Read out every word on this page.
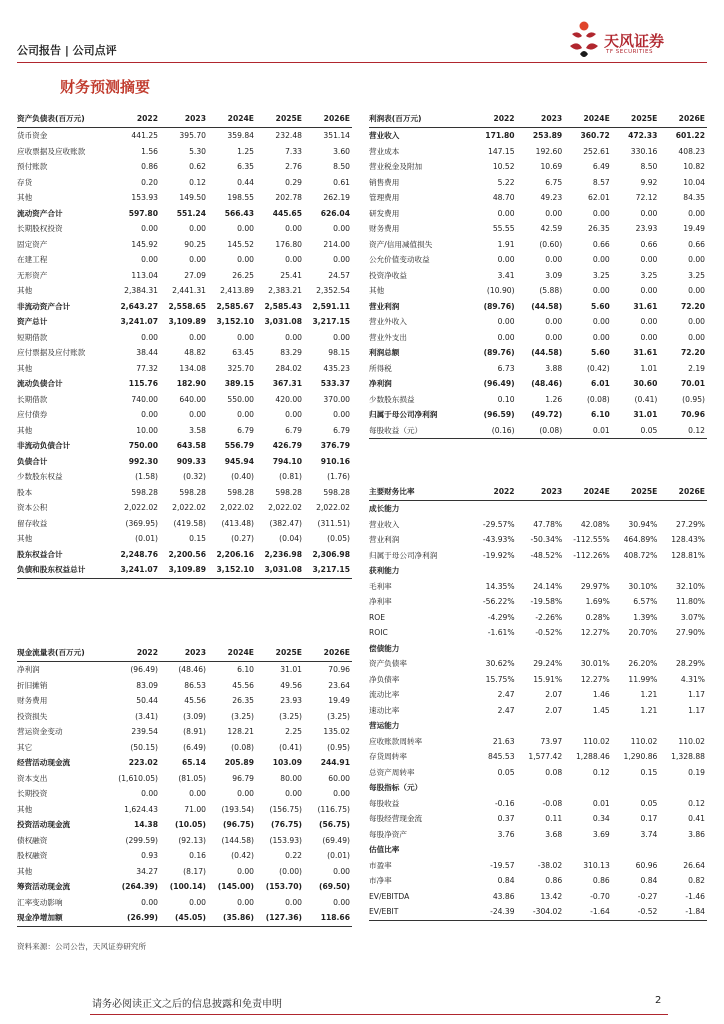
公司报告 | 公司点评
天风证券
TF SECURITIES
财务预测摘要
资产负债表(百万元)	2022	2023	2024E	2025E	2026E
货币资金	441.25	395.70	359.84	232.48	351.14
应收票据及应收账款	1.56	5.30	1.25	7.33	3.60
预付账款	0.86	0.62	6.35	2.76	8.50
存货	0.20	0.12	0.44	0.29	0.61
其他	153.93	149.50	198.55	202.78	262.19
流动资产合计	597.80	551.24	566.43	445.65	626.04
长期股权投资	0.00	0.00	0.00	0.00	0.00
固定资产	145.92	90.25	145.52	176.80	214.00
在建工程	0.00	0.00	0.00	0.00	0.00
无形资产	113.04	27.09	26.25	25.41	24.57
其他	2,384.31	2,441.31	2,413.89	2,383.21	2,352.54
非流动资产合计	2,643.27	2,558.65	2,585.67	2,585.43	2,591.11
资产总计	3,241.07	3,109.89	3,152.10	3,031.08	3,217.15
短期借款	0.00	0.00	0.00	0.00	0.00
应付票据及应付账款	38.44	48.82	63.45	83.29	98.15
其他	77.32	134.08	325.70	284.02	435.23
流动负债合计	115.76	182.90	389.15	367.31	533.37
长期借款	740.00	640.00	550.00	420.00	370.00
应付债券	0.00	0.00	0.00	0.00	0.00
其他	10.00	3.58	6.79	6.79	6.79
非流动负债合计	750.00	643.58	556.79	426.79	376.79
负债合计	992.30	909.33	945.94	794.10	910.16
少数股东权益	(1.58)	(0.32)	(0.40)	(0.81)	(1.76)
股本	598.28	598.28	598.28	598.28	598.28
资本公积	2,022.02	2,022.02	2,022.02	2,022.02	2,022.02
留存收益	(369.95)	(419.58)	(413.48)	(382.47)	(311.51)
其他	(0.01)	0.15	(0.27)	(0.04)	(0.05)
股东权益合计	2,248.76	2,200.56	2,206.16	2,236.98	2,306.98
负债和股东权益总计	3,241.07	3,109.89	3,152.10	3,031.08	3,217.15
利润表(百万元)	2022	2023	2024E	2025E	2026E
营业收入	171.80	253.89	360.72	472.33	601.22
营业成本	147.15	192.60	252.61	330.16	408.23
营业税金及附加	10.52	10.69	6.49	8.50	10.82
销售费用	5.22	6.75	8.57	9.92	10.04
管理费用	48.70	49.23	62.01	72.12	84.35
研发费用	0.00	0.00	0.00	0.00	0.00
财务费用	55.55	42.59	26.35	23.93	19.49
资产/信用减值损失	1.91	(0.60)	0.66	0.66	0.66
公允价值变动收益	0.00	0.00	0.00	0.00	0.00
投资净收益	3.41	3.09	3.25	3.25	3.25
其他	(10.90)	(5.88)	0.00	0.00	0.00
营业利润	(89.76)	(44.58)	5.60	31.61	72.20
营业外收入	0.00	0.00	0.00	0.00	0.00
营业外支出	0.00	0.00	0.00	0.00	0.00
利润总额	(89.76)	(44.58)	5.60	31.61	72.20
所得税	6.73	3.88	(0.42)	1.01	2.19
净利润	(96.49)	(48.46)	6.01	30.60	70.01
少数股东损益	0.10	1.26	(0.08)	(0.41)	(0.95)
归属于母公司净利润	(96.59)	(49.72)	6.10	31.01	70.96
每股收益（元）	(0.16)	(0.08)	0.01	0.05	0.12
主要财务比率	2022	2023	2024E	2025E	2026E
成长能力					
营业收入	-29.57%	47.78%	42.08%	30.94%	27.29%
营业利润	-43.93%	-50.34%	-112.55%	464.89%	128.43%
归属于母公司净利润	-19.92%	-48.52%	-112.26%	408.72%	128.81%
获利能力					
毛利率	14.35%	24.14%	29.97%	30.10%	32.10%
净利率	-56.22%	-19.58%	1.69%	6.57%	11.80%
ROE	-4.29%	-2.26%	0.28%	1.39%	3.07%
ROIC	-1.61%	-0.52%	12.27%	20.70%	27.90%
偿债能力					
资产负债率	30.62%	29.24%	30.01%	26.20%	28.29%
净负债率	15.75%	15.91%	12.27%	11.99%	4.31%
流动比率	2.47	2.07	1.46	1.21	1.17
速动比率	2.47	2.07	1.45	1.21	1.17
营运能力					
应收账款周转率	21.63	73.97	110.02	110.02	110.02
存货周转率	845.53	1,577.42	1,288.46	1,290.86	1,328.88
总资产周转率	0.05	0.08	0.12	0.15	0.19
每股指标（元）					
每股收益	-0.16	-0.08	0.01	0.05	0.12
每股经营现金流	0.37	0.11	0.34	0.17	0.41
每股净资产	3.76	3.68	3.69	3.74	3.86
估值比率					
市盈率	-19.57	-38.02	310.13	60.96	26.64
市净率	0.84	0.86	0.86	0.84	0.82
EV/EBITDA	43.86	13.42	-0.70	-0.27	-1.46
EV/EBIT	-24.39	-304.02	-1.64	-0.52	-1.84
现金流量表(百万元)	2022	2023	2024E	2025E	2026E
净利润	(96.49)	(48.46)	6.10	31.01	70.96
折旧摊销	83.09	86.53	45.56	49.56	23.64
财务费用	50.44	45.56	26.35	23.93	19.49
投资损失	(3.41)	(3.09)	(3.25)	(3.25)	(3.25)
营运资金变动	239.54	(8.91)	128.21	2.25	135.02
其它	(50.15)	(6.49)	(0.08)	(0.41)	(0.95)
经营活动现金流	223.02	65.14	205.89	103.09	244.91
资本支出	(1,610.05)	(81.05)	96.79	80.00	60.00
长期投资	0.00	0.00	0.00	0.00	0.00
其他	1,624.43	71.00	(193.54)	(156.75)	(116.75)
投资活动现金流	14.38	(10.05)	(96.75)	(76.75)	(56.75)
债权融资	(299.59)	(92.13)	(144.58)	(153.93)	(69.49)
股权融资	0.93	0.16	(0.42)	0.22	(0.01)
其他	34.27	(8.17)	0.00	(0.00)	0.00
筹资活动现金流	(264.39)	(100.14)	(145.00)	(153.70)	(69.50)
汇率变动影响	0.00	0.00	0.00	0.00	0.00
现金净增加额	(26.99)	(45.05)	(35.86)	(127.36)	118.66
资料来源：公司公告，天风证券研究所
请务必阅读正文之后的信息披露和免责申明	2
